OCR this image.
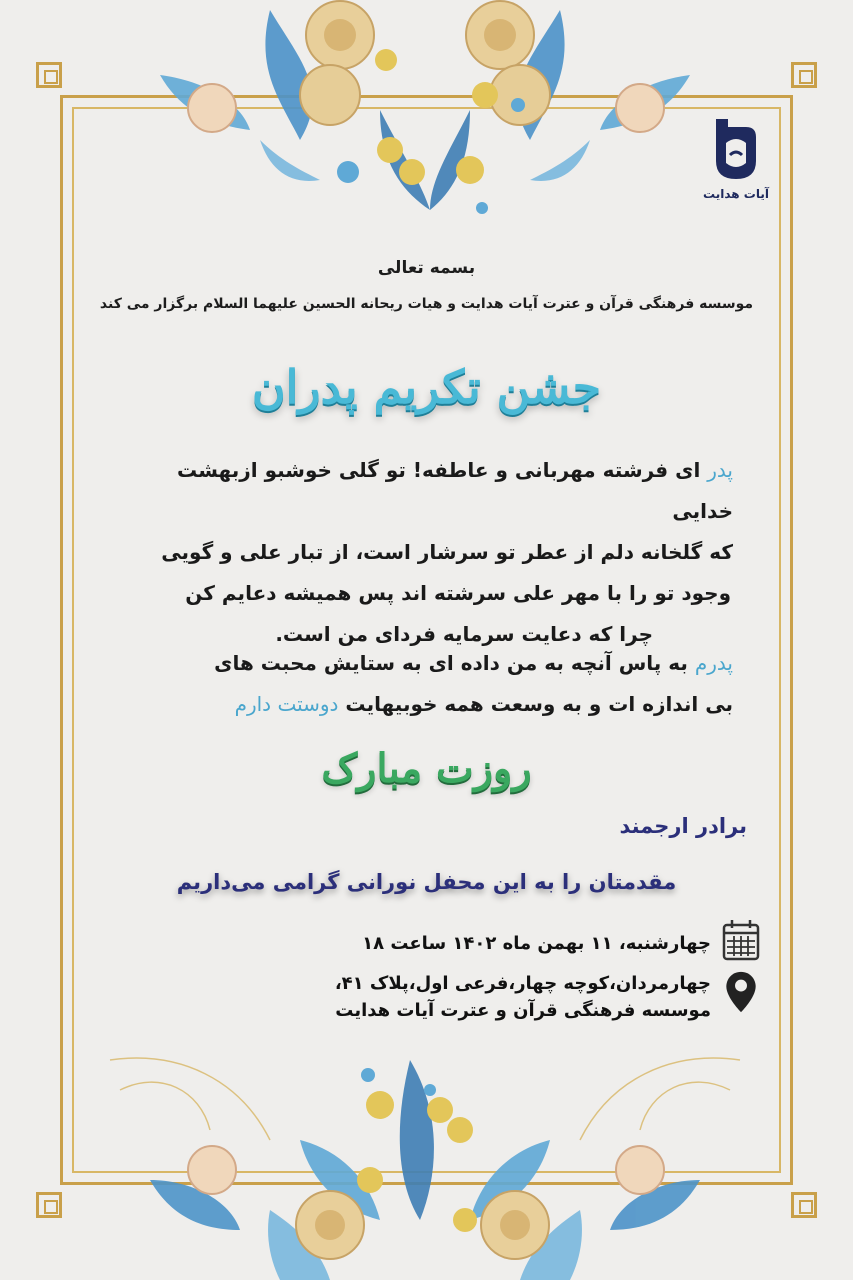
آیات هدایت
بسمه تعالی
موسسه فرهنگی قرآن و عترت آیات هدایت و هیات ریحانه الحسین علیهما السلام برگزار می کند
جشن تکریم پدران
پدر ای فرشته مهربانی و عاطفه! تو گلی خوشبو ازبهشت خدایی
که گلخانه دلم از عطر تو سرشار است، از تبار علی و گویی
وجود تو را با مهر علی سرشته اند پس همیشه دعایم کن
چرا که دعایت سرمایه فردای من است.
پدرم به پاس آنچه به من داده ای به ستایش محبت های
بی اندازه ات و به وسعت همه خوبیهایت دوستت دارم
روزت مبارک
برادر ارجمند
مقدمتان را به این محفل نورانی گرامی می‌داریم
چهارشنبه، ۱۱ بهمن ماه ۱۴۰۲ ساعت ۱۸
چهارمردان،کوچه چهار،فرعی اول،پلاک ۴۱،
موسسه فرهنگی قرآن و عترت آیات هدایت
